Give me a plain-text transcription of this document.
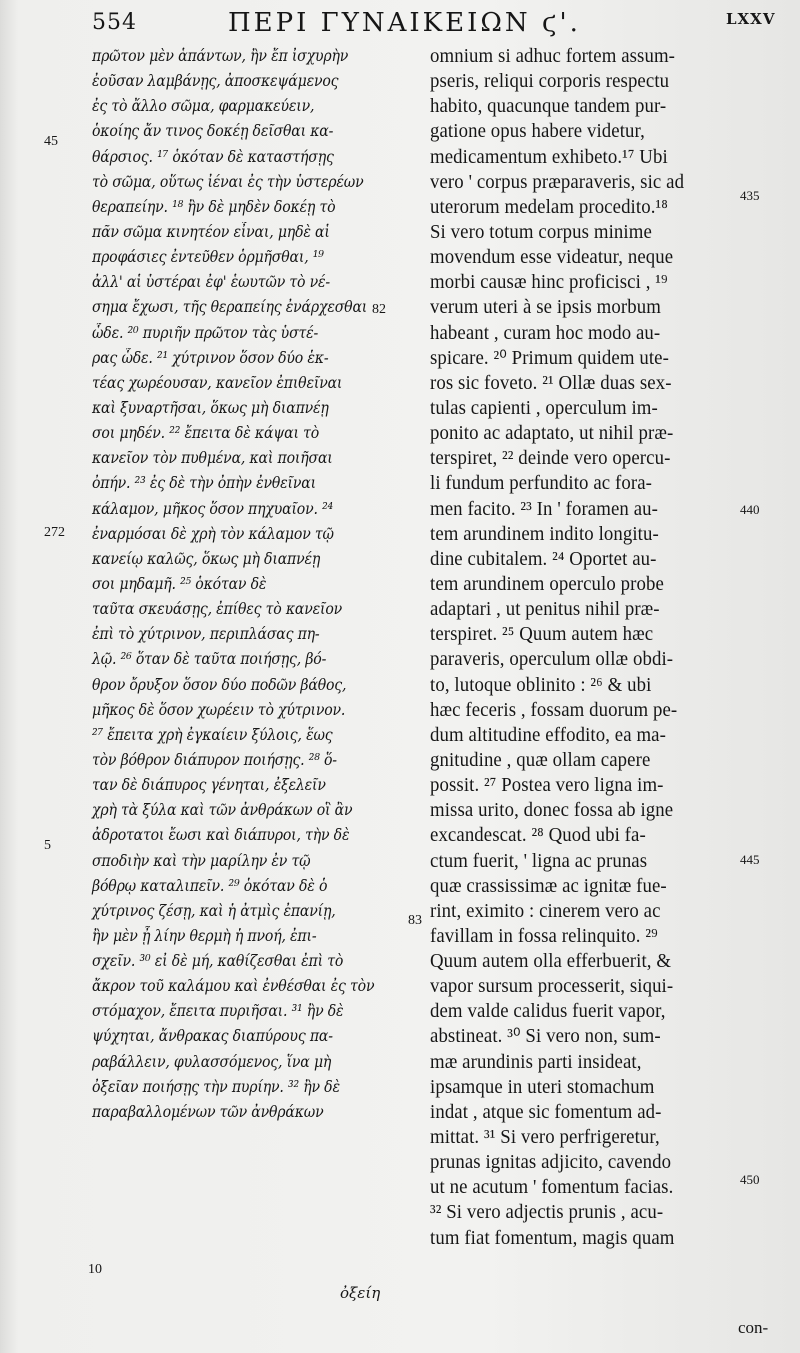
554	ΠΕΡΙ ΓΥΝΑΙΚΕΙΩΝ ϛ'.	LXXV
πρῶτον μὲν ἁπάντων, ἢν ἔπ ἰσχυρὴν
ἐοῦσαν λαμβάνῃς, ἀποσκεψάμενος
ἐς τὸ ἄλλο σῶμα, φαρμακεύειν,
ὁκοίης ἄν τινος δοκέῃ δεῖσθαι κα-
θάρσιος. ¹⁷ ὁκόταν δὲ καταστήσῃς
τὸ σῶμα, οὕτως ἰέναι ἐς τὴν ὑστερέων
θεραπείην. ¹⁸ ἢν δὲ μηδὲν δοκέῃ τὸ
πᾶν σῶμα κινητέον εἶναι, μηδὲ αἱ
προφάσιες ἐντεῦθεν ὁρμῆσθαι, ¹⁹
ἀλλ' αἱ ὑστέραι ἐφ' ἑωυτῶν τὸ νέ-
σημα ἔχωσι, τῆς θεραπείης ἐνάρχεσθαι
ὧδε. ²⁰ πυριῆν πρῶτον τὰς ὑστέ-
ρας ὧδε. ²¹ χύτρινον ὅσον δύο ἑκ-
τέας χωρέουσαν, κανεῖον ἐπιθεῖναι
καὶ ξυναρτῆσαι, ὅκως μὴ διαπνέῃ
σοι μηδέν. ²² ἔπειτα δὲ κάψαι τὸ
κανεῖον τὸν πυθμένα, καὶ ποιῆσαι
ὀπήν. ²³ ἐς δὲ τὴν ὀπὴν ἐνθεῖναι
κάλαμον, μῆκος ὅσον πηχυαῖον. ²⁴
ἐναρμόσαι δὲ χρὴ τὸν κάλαμον τῷ
κανείῳ καλῶς, ὅκως μὴ διαπνέῃ
σοι μηδαμῆ. ²⁵ ὁκόταν δὲ
ταῦτα σκευάσῃς, ἐπίθες τὸ κανεῖον
ἐπὶ τὸ χύτρινον, περιπλάσας πη-
λῷ. ²⁶ ὅταν δὲ ταῦτα ποιήσῃς, βό-
θρον ὄρυξον ὅσον δύο ποδῶν βάθος,
μῆκος δὲ ὅσον χωρέειν τὸ χύτρινον.
²⁷ ἔπειτα χρὴ ἐγκαίειν ξύλοις, ἕως
τὸν βόθρον διάπυρον ποιήσῃς. ²⁸ ὅ-
ταν δὲ διάπυρος γένηται, ἐξελεῖν
χρὴ τὰ ξύλα καὶ τῶν ἀνθράκων οἳ ἂν
ἀδροτατοι ἔωσι καὶ διάπυροι, τὴν δὲ
σποδιὴν καὶ τὴν μαρίλην ἐν τῷ
βόθρῳ καταλιπεῖν. ²⁹ ὁκόταν δὲ ὁ
χύτρινος ζέσῃ, καὶ ἡ ἀτμὶς ἐπανίῃ,
ἢν μὲν ᾖ λίην θερμὴ ἡ πνοή, ἐπι-
σχεῖν. ³⁰ εἰ δὲ μή, καθίζεσθαι ἐπὶ τὸ
ἄκρον τοῦ καλάμου καὶ ἐνθέσθαι ἐς τὸν
στόμαχον, ἔπειτα πυριῆσαι. ³¹ ἢν δὲ
ψύχηται, ἄνθρακας διαπύρους πα-
ραβάλλειν, φυλασσόμενος, ἵνα μὴ
ὀξεῖαν ποιήσῃς τὴν πυρίην. ³² ἢν δὲ
παραβαλλομένων τῶν ἀνθράκων
ὀξείη
omnium si adhuc fortem assum-
pseris, reliqui corporis respectu
habito, quacunque tandem pur-
gatione opus habere videtur,
medicamentum exhibeto.¹⁷ Ubi
vero ' corpus præparaveris, sic ad
uterorum medelam procedito.¹⁸
Si vero totum corpus minime
movendum esse videatur, neque
morbi causæ hinc proficisci , ¹⁹
verum uteri à se ipsis morbum
habeant , curam hoc modo au-
spicare. ²⁰ Primum quidem ute-
ros sic foveto. ²¹ Ollæ duas sex-
tulas capienti , operculum im-
ponito ac adaptato, ut nihil præ-
terspiret, ²² deinde vero opercu-
li fundum perfundito ac fora-
men facito. ²³ In ' foramen au-
tem arundinem indito longitu-
dine cubitalem. ²⁴ Oportet au-
tem arundinem operculo probe
adaptari , ut penitus nihil præ-
terspiret. ²⁵ Quum autem hæc
paraveris, operculum ollæ obdi-
to, lutoque oblinito : ²⁶ & ubi
hæc feceris , fossam duorum pe-
dum altitudine effodito, ea ma-
gnitudine , quæ ollam capere
possit. ²⁷ Postea vero ligna im-
missa urito, donec fossa ab igne
excandescat. ²⁸ Quod ubi fa-
ctum fuerit, ' ligna ac prunas
quæ crassissimæ ac ignitæ fue-
rint, eximito : cinerem vero ac
favillam in fossa relinquito. ²⁹
Quum autem olla efferbuerit, &
vapor sursum processerit, siqui-
dem valde calidus fuerit vapor,
abstineat. ³⁰ Si vero non, sum-
mæ arundinis parti insideat,
ipsamque in uteri stomachum
indat , atque sic fomentum ad-
mittat. ³¹ Si vero perfrigeretur,
prunas ignitas adjicito, cavendo
ut ne acutum ' fomentum facias.
³² Si vero adjectis prunis , acu-
tum fiat fomentum, magis quam
con-
45
272
5
10
82
83
435
440
445
450
